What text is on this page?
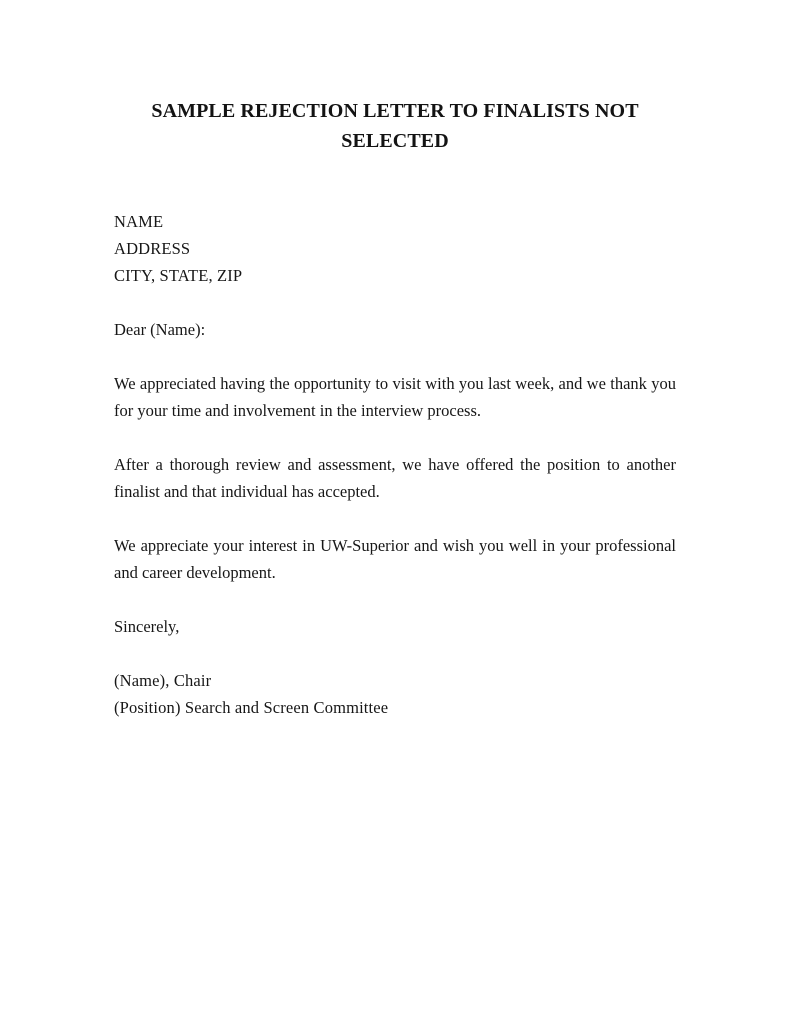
SAMPLE REJECTION LETTER TO FINALISTS NOT
SELECTED
NAME
ADDRESS
CITY, STATE, ZIP

Dear (Name):

We appreciated having the opportunity to visit with you last week, and we thank you for your time and involvement in the interview process.

After a thorough review and assessment, we have offered the position to another finalist and that individual has accepted.

We appreciate your interest in UW-Superior and wish you well in your professional and career development.

Sincerely,

(Name), Chair
(Position) Search and Screen Committee
